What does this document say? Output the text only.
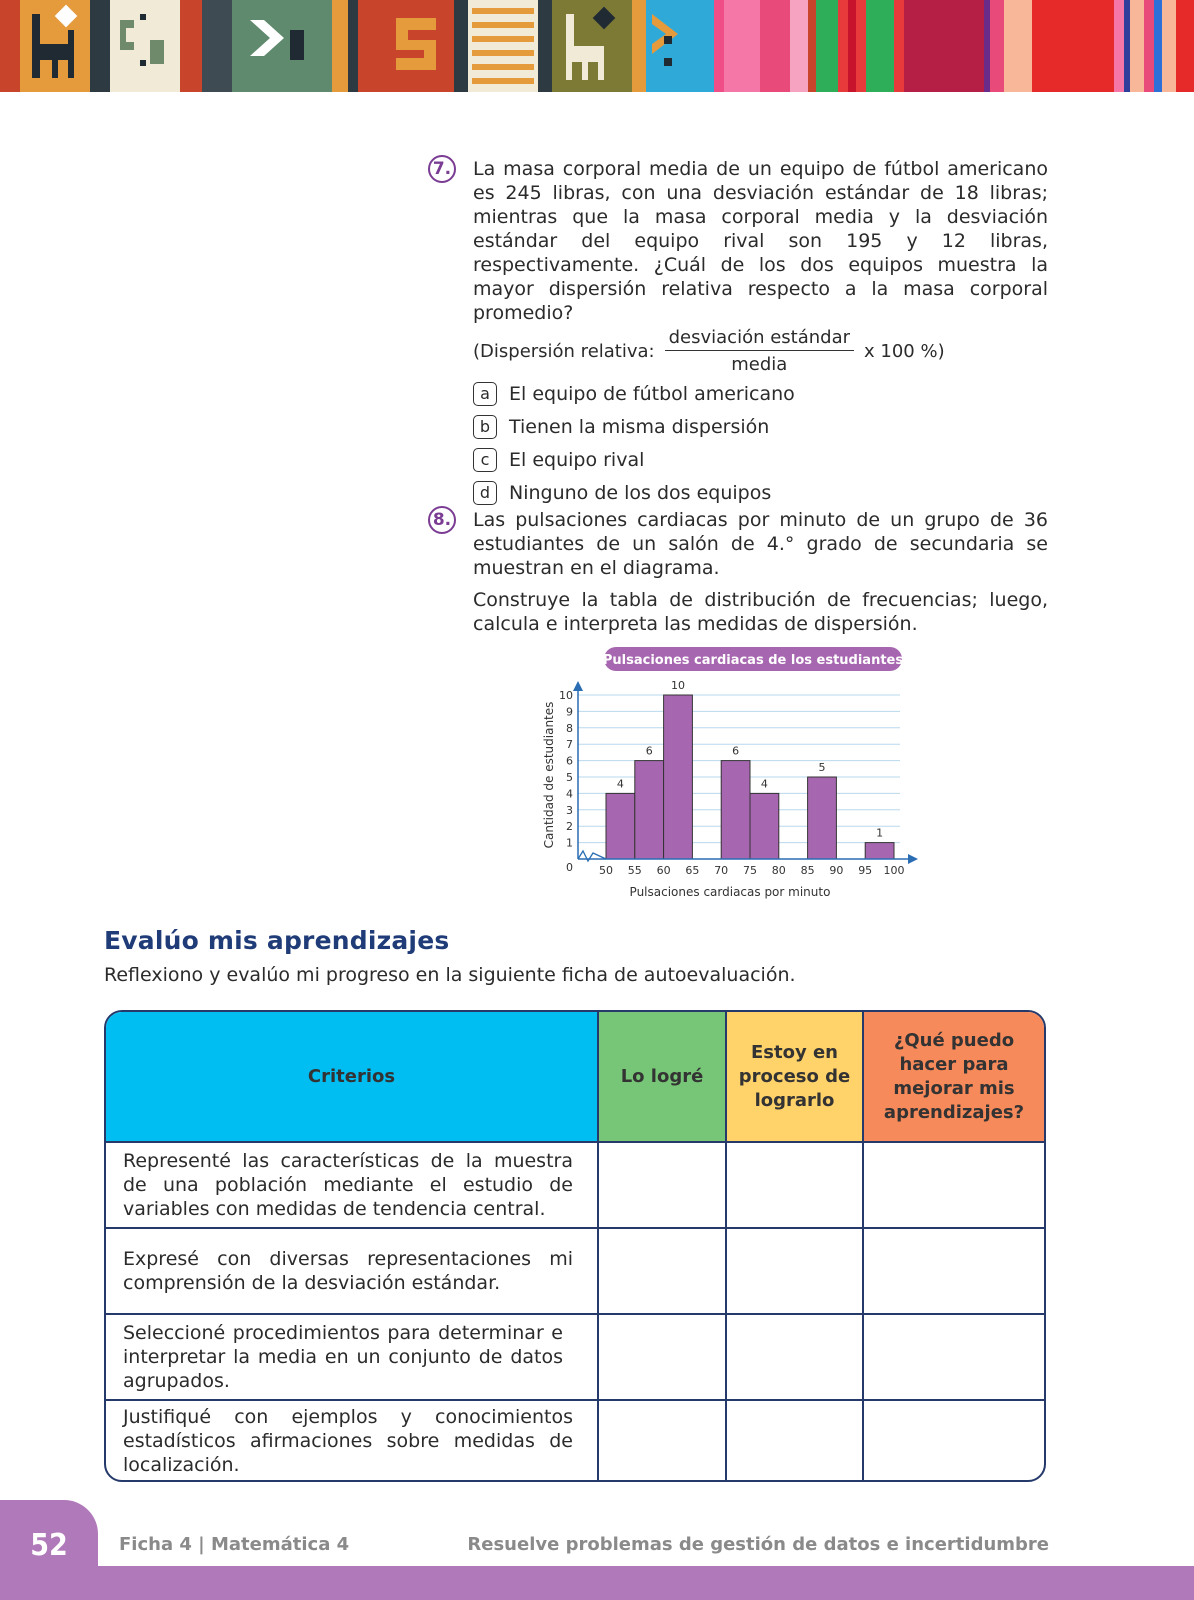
7. La masa corporal media de un equipo de fútbol americano es 245 libras, con una desviación estándar de 18 libras; mientras que la masa corporal media y la desviación estándar del equipo rival son 195 y 12 libras, respectivamente. ¿Cuál de los dos equipos muestra la mayor dispersión relativa respecto a la masa corporal promedio?
(Dispersión relativa: $\frac{\text{desviación estándar}}{\text{media}}$ x 100 %)
a	El equipo de fútbol americano
b Tienen la misma dispersión
c	El equipo rival
d Ninguno de los dos equipos
8. Las pulsaciones cardiacas por minuto de un grupo de 36 estudiantes de un salón de 4.° grado de secundaria se muestran en el diagrama.

Construye la tabla de distribución de frecuencias; luego, calcula e interpreta las medidas de dispersión.

Pulsaciones cardiacas de los estudiantes
1
2
3
4
5
6
7
8
9
10
0
4
6
10
6
4
5
1
50 55 60 65 70 75 80 85 90 95 100
Pulsaciones cardiacas por minuto
Cantidad de estudiantes
Evalúo mis aprendizajes
Reflexiono y evalúo mi progreso en la siguiente ficha de autoevaluación.
Criterios	Lo logré	Estoy en proceso de lograrlo	¿Qué puedo hacer para mejorar mis aprendizajes?
Representé las características de la muestra de una población mediante el estudio de variables con medidas de tendencia central.			
Expresé con diversas representaciones mi comprensión de la desviación estándar.			
Seleccioné procedimientos para determinar e interpretar la media en un conjunto de datos agrupados.			
Justifiqué con ejemplos y conocimientos estadísticos afirmaciones sobre medidas de localización.			
52	Ficha 4 | Matemática 4	Resuelve problemas de gestión de datos e incertidumbre
